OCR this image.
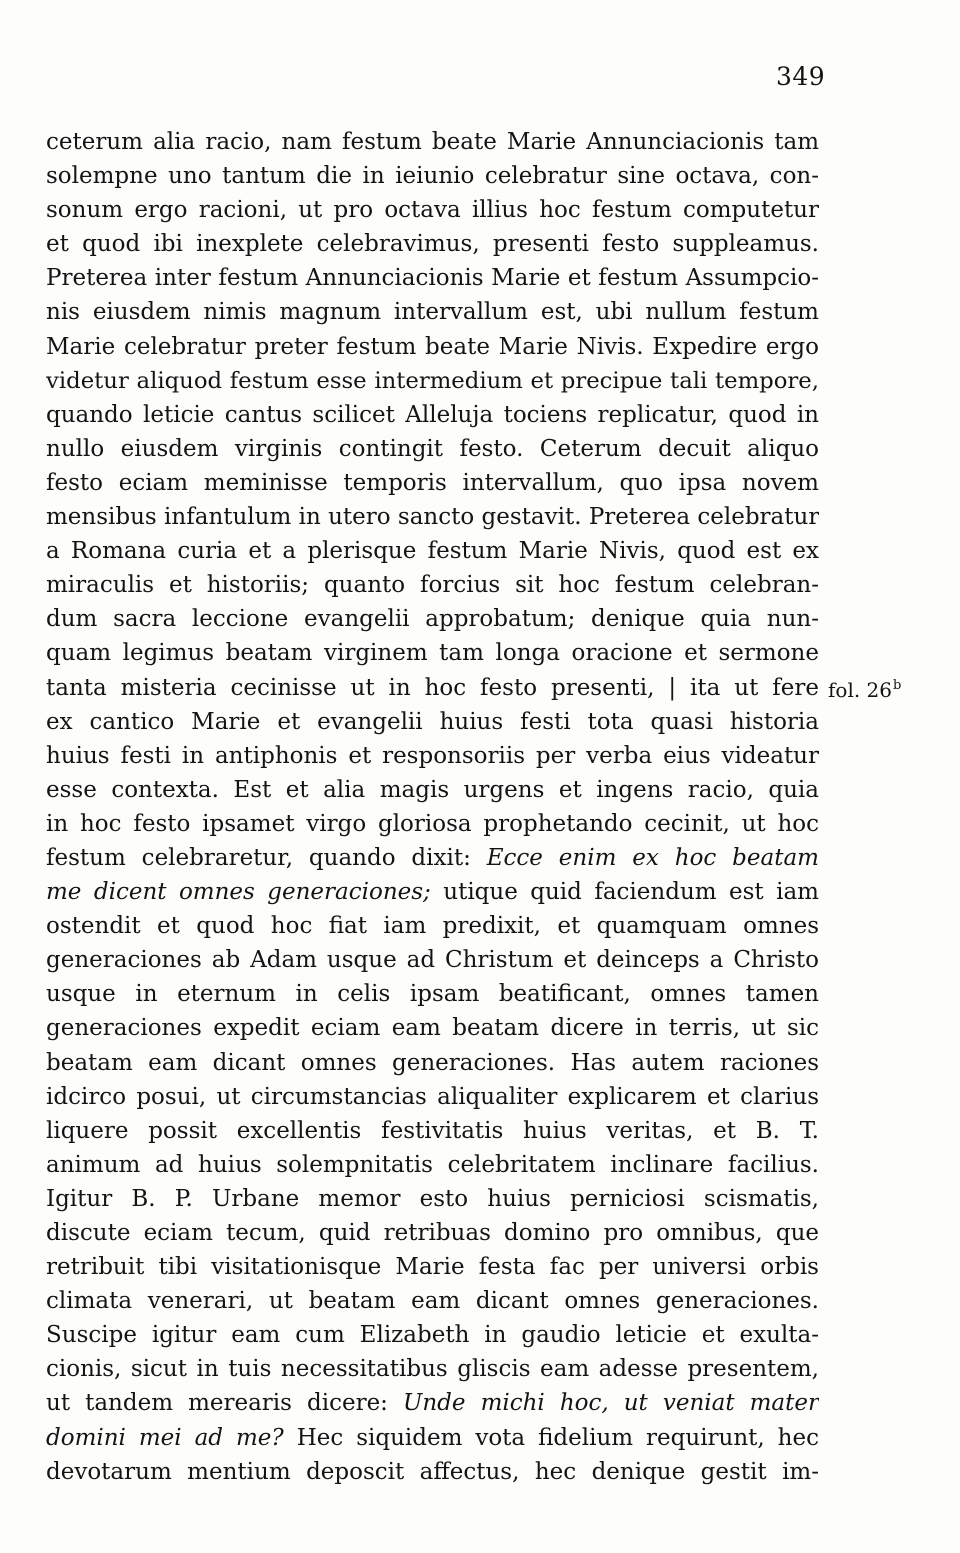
349
ceterum alia racio, nam festum beate Marie Annunciacionis tam
solempne uno tantum die in ieiunio celebratur sine octava, con-
sonum ergo racioni, ut pro octava illius hoc festum computetur
et quod ibi inexplete celebravimus, presenti festo suppleamus.
Preterea inter festum Annunciacionis Marie et festum Assumpcio-
nis eiusdem nimis magnum intervallum est, ubi nullum festum
Marie celebratur preter festum beate Marie Nivis. Expedire ergo
videtur aliquod festum esse intermedium et precipue tali tempore,
quando leticie cantus scilicet Alleluja tociens replicatur, quod in
nullo eiusdem virginis contingit festo. Ceterum decuit aliquo
festo eciam meminisse temporis intervallum, quo ipsa novem
mensibus infantulum in utero sancto gestavit. Preterea celebratur
a Romana curia et a plerisque festum Marie Nivis, quod est ex
miraculis et historiis; quanto forcius sit hoc festum celebran-
dum sacra leccione evangelii approbatum; denique quia nun-
quam legimus beatam virginem tam longa oracione et sermone
tanta misteria cecinisse ut in hoc festo presenti, | ita ut fere
ex cantico Marie et evangelii huius festi tota quasi historia
huius festi in antiphonis et responsoriis per verba eius videatur
esse contexta. Est et alia magis urgens et ingens racio, quia
in hoc festo ipsamet virgo gloriosa prophetando cecinit, ut hoc
festum celebraretur, quando dixit: Ecce enim ex hoc beatam
me dicent omnes generaciones; utique quid faciendum est iam
ostendit et quod hoc fiat iam predixit, et quamquam omnes
generaciones ab Adam usque ad Christum et deinceps a Christo
usque in eternum in celis ipsam beatificant, omnes tamen
generaciones expedit eciam eam beatam dicere in terris, ut sic
beatam eam dicant omnes generaciones. Has autem raciones
idcirco posui, ut circumstancias aliqualiter explicarem et clarius
liquere possit excellentis festivitatis huius veritas, et B. T.
animum ad huius solempnitatis celebritatem inclinare facilius.
Igitur B. P. Urbane memor esto huius perniciosi scismatis,
discute eciam tecum, quid retribuas domino pro omnibus, que
retribuit tibi visitationisque Marie festa fac per universi orbis
climata venerari, ut beatam eam dicant omnes generaciones.
Suscipe igitur eam cum Elizabeth in gaudio leticie et exulta-
cionis, sicut in tuis necessitatibus gliscis eam adesse presentem,
ut tandem merearis dicere: Unde michi hoc, ut veniat mater
domini mei ad me? Hec siquidem vota fidelium requirunt, hec
devotarum mentium deposcit affectus, hec denique gestit im-
fol. 26$^b$
